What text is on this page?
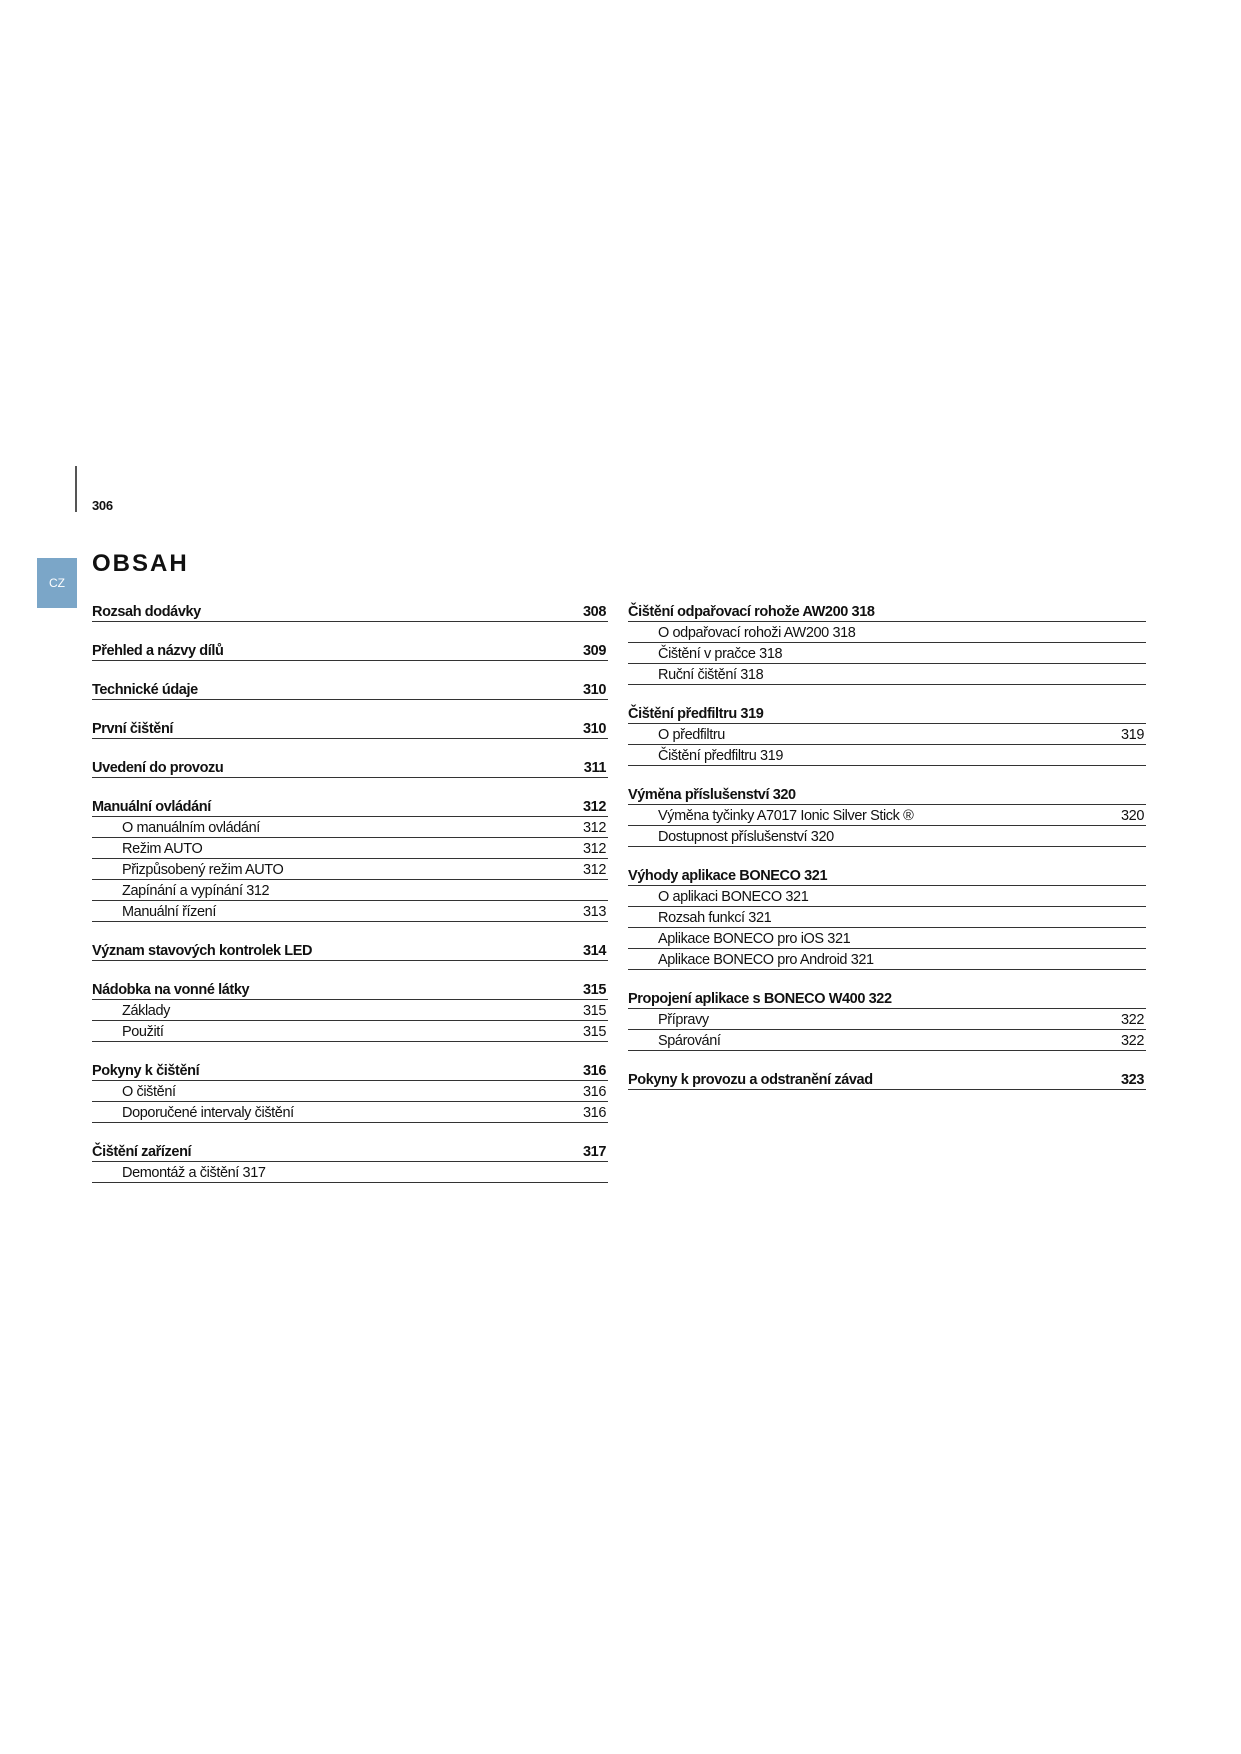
306
CZ
OBSAH
Rozsah dodávky	308
Přehled a názvy dílů	309
Technické údaje	310
První čištění	310
Uvedení do provozu	311
Manuální ovládání	312
O manuálním ovládání	312
Režim AUTO	312
Přizpůsobený režim AUTO	312
Zapínání a vypínání 312
Manuální řízení	313
Význam stavových kontrolek LED	314
Nádobka na vonné látky	315
Základy	315
Použití	315
Pokyny k čištění	316
O čištění	316
Doporučené intervaly čištění	316
Čištění zařízení	317
Demontáž a čištění 317
Čištění odpařovací rohože AW200 318
O odpařovací rohoži AW200 318
Čištění v pračce 318
Ruční čištění 318
Čištění předfiltru 319
O předfiltru	319
Čištění předfiltru 319
Výměna příslušenství 320
Výměna tyčinky A7017 Ionic Silver Stick ®	320
Dostupnost příslušenství 320
Výhody aplikace BONECO 321
O aplikaci BONECO 321
Rozsah funkcí 321
Aplikace BONECO pro iOS 321
Aplikace BONECO pro Android 321
Propojení aplikace s BONECO W400 322
Přípravy	322
Spárování	322
Pokyny k provozu a odstranění závad	323
